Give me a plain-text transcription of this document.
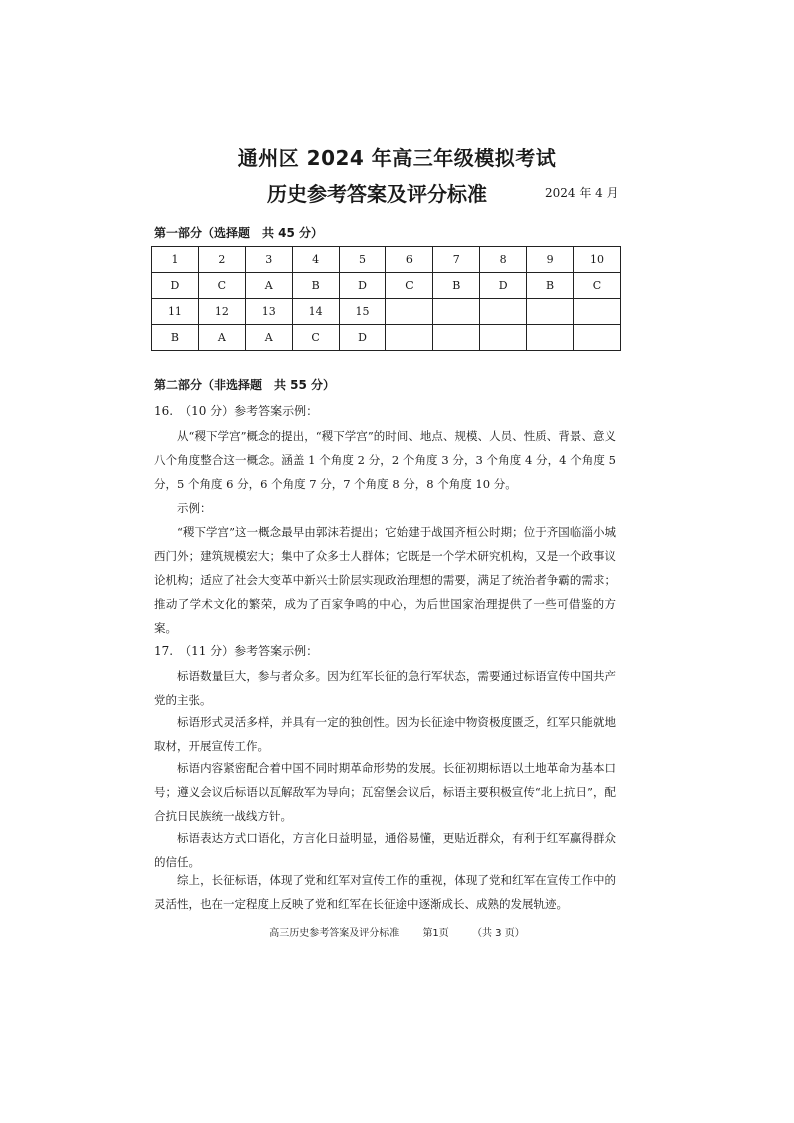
通州区 2024 年高三年级模拟考试
历史参考答案及评分标准	2024 年 4 月
第一部分（选择题　共 45 分）
1	2	3	4	5	6	7	8	9	10
D	C	A	B	D	C	B	D	B	C
11	12	13	14	15					
B	A	A	C	D					
第二部分（非选择题　共 55 分）
16.　（10 分）参考答案示例：

从“稷下学宫”概念的提出，“稷下学宫”的时间、地点、规模、人员、性质、背景、意义八个角度整合这一概念。涵盖 1 个角度 2 分，2 个角度 3 分，3 个角度 4 分，4 个角度 5 分，5 个角度 6 分，6 个角度 7 分，7 个角度 8 分，8 个角度 10 分。

示例：

“稷下学宫”这一概念最早由郭沫若提出；它始建于战国齐桓公时期；位于齐国临淄小城西门外；建筑规模宏大；集中了众多士人群体；它既是一个学术研究机构，又是一个政事议论机构；适应了社会大变革中新兴士阶层实现政治理想的需要，满足了统治者争霸的需求；推动了学术文化的繁荣，成为了百家争鸣的中心，为后世国家治理提供了一些可借鉴的方案。

17.　（11 分）参考答案示例：

标语数量巨大，参与者众多。因为红军长征的急行军状态，需要通过标语宣传中国共产党的主张。

标语形式灵活多样，并具有一定的独创性。因为长征途中物资极度匮乏，红军只能就地取材，开展宣传工作。

标语内容紧密配合着中国不同时期革命形势的发展。长征初期标语以土地革命为基本口号；遵义会议后标语以瓦解敌军为导向；瓦窑堡会议后，标语主要积极宣传“北上抗日”，配合抗日民族统一战线方针。

标语表达方式口语化，方言化日益明显，通俗易懂，更贴近群众，有利于红军赢得群众的信任。

综上，长征标语，体现了党和红军对宣传工作的重视，体现了党和红军在宣传工作中的灵活性，也在一定程度上反映了党和红军在长征途中逐渐成长、成熟的发展轨迹。

高三历史参考答案及评分标准 第1页 （共 3 页）
